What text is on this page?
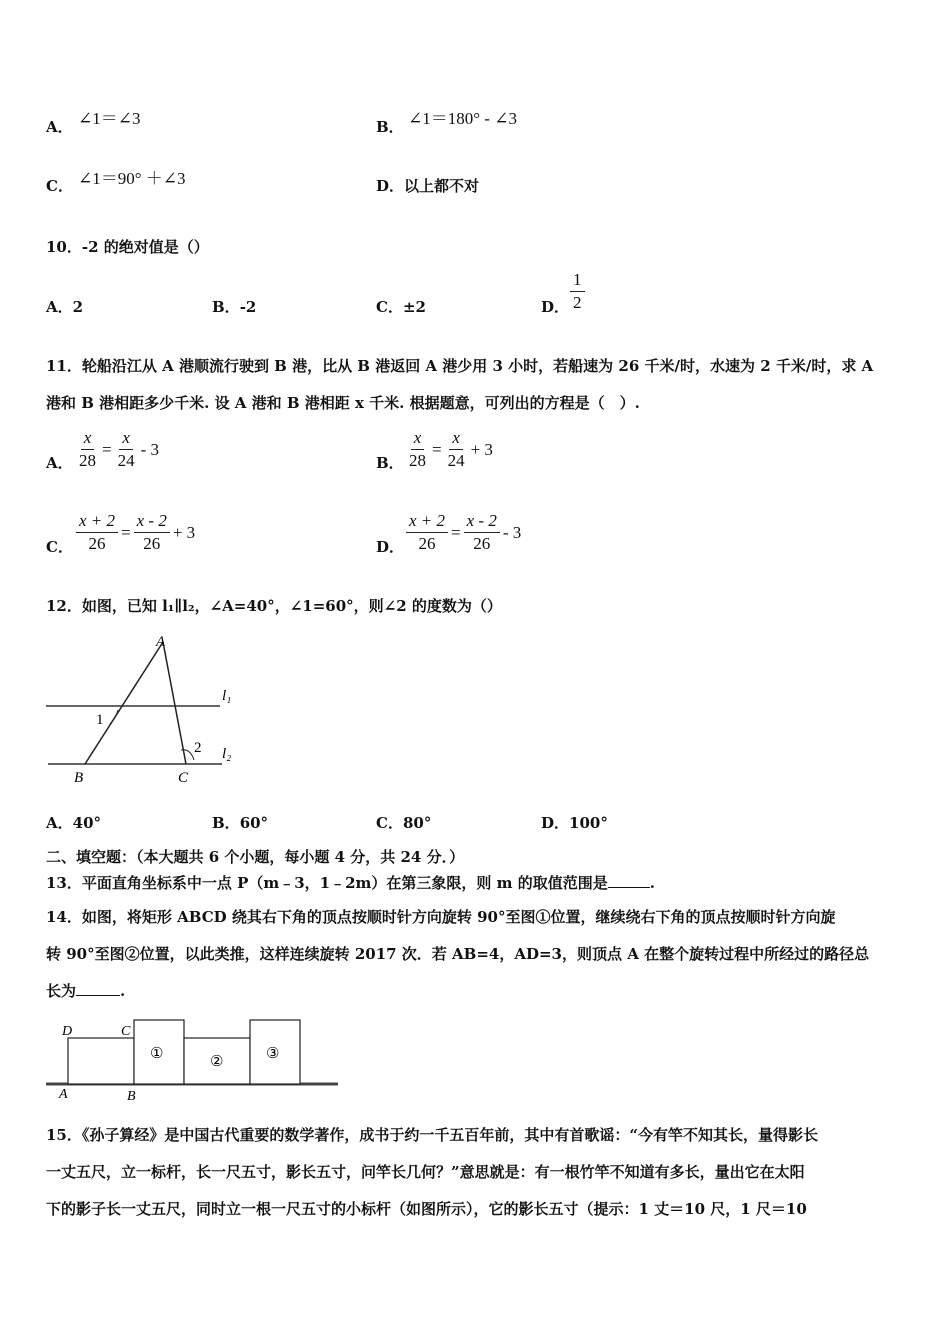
A． ∠1＝∠3	B． ∠1＝180° - ∠3
C． ∠1＝90° ＋∠3	D．以上都不对
10．-2 的绝对值是（）
A．2	B．-2	C．±2	D． $\frac{1}{2}$
11．轮船沿江从 A 港顺流行驶到 B 港，比从 B 港返回 A 港少用 3 小时，若船速为 26 千米/时，水速为 2 千米/时，求 A
港和 B 港相距多少千米. 设 A 港和 B 港相距 x 千米. 根据题意，可列出的方程是（　）.
A． $\frac{x}{28} = \frac{x}{24} - 3$
B． $\frac{x}{28} = \frac{x}{24} + 3$
C． $\frac{x + 2}{26} = \frac{x - 2}{26} + 3$
D． $\frac{x + 2}{26} = \frac{x - 2}{26} - 3$
12．如图，已知 l₁∥l₂，∠A=40°，∠1=60°，则∠2 的度数为（）
A
B	C
l₁
l₂
1
2
A．40°	B．60°	C．80°	D．100°
二、填空题：（本大题共 6 个小题，每小题 4 分，共 24 分．）
13．平面直角坐标系中一点 P（m﹣3，1﹣2m）在第三象限，则 m 的取值范围是	.
14．如图，将矩形 ABCD 绕其右下角的顶点按顺时针方向旋转 90°至图①位置，继续绕右下角的顶点按顺时针方向旋
转 90°至图②位置，以此类推，这样连续旋转 2017 次．若 AB=4，AD=3，则顶点 A 在整个旋转过程中所经过的路径总
长为	.
D	C
A	B
①	②	③
15．《孙子算经》是中国古代重要的数学著作，成书于约一千五百年前，其中有首歌谣：“今有竿不知其长，量得影长
一丈五尺，立一标杆，长一尺五寸，影长五寸，问竿长几何？”意思就是：有一根竹竿不知道有多长，量出它在太阳
下的影子长一丈五尺，同时立一根一尺五寸的小标杆（如图所示），它的影长五寸（提示：1 丈＝10 尺，1 尺＝10
